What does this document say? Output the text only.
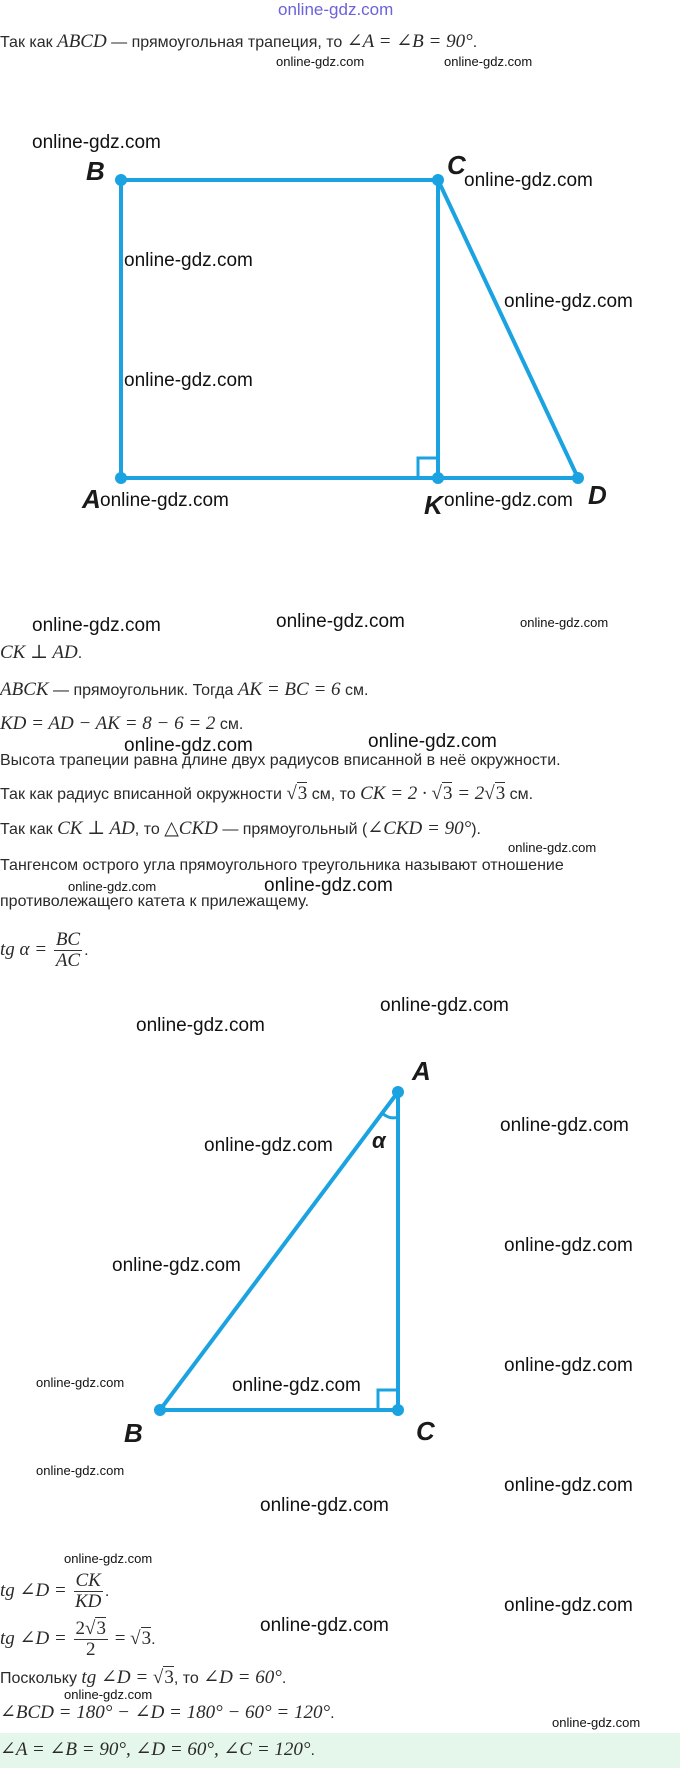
online-gdz.com
Так как ABCD — прямоугольная трапеция, то ∠A = ∠B = 90°.
B	C
A	K	D
CK ⊥ AD.
ABCK — прямоугольник. Тогда AK = BC = 6 см.
KD = AD − AK = 8 − 6 = 2 см.
Высота трапеции равна длине двух радиусов вписанной в неё окружности.
Так как радиус вписанной окружности √3 см, то CK = 2 · √3 = 2√3 см.
Так как CK ⊥ AD, то △CKD — прямоугольный (∠CKD = 90°).
Тангенсом острого угла прямоугольного треугольника называют отношение
противолежащего катета к прилежащему.
tg $\alpha = \frac{BC}{AC}$ .
A
α
B	C
tg ∠D = $\frac{CK}{KD}$ .
tg ∠D = $\frac{2√3}{2} = √3$.
Поскольку tg ∠D = √3, то ∠D = 60°.
∠BCD = 180° − ∠D = 180° − 60° = 120°.
∠A = ∠B = 90°, ∠D = 60°, ∠C = 120°.
online-gdz.com	online-gdz.com
online-gdz.com
online-gdz.com
online-gdz.com
online-gdz.com
online-gdz.com
online-gdz.com	online-gdz.com
online-gdz.com	online-gdz.com	online-gdz.com
online-gdz.com	online-gdz.com
online-gdz.com
online-gdz.com	online-gdz.com
online-gdz.com
online-gdz.com
online-gdz.com
online-gdz.com
online-gdz.com
online-gdz.com
online-gdz.com	online-gdz.com
online-gdz.com
online-gdz.com
online-gdz.com
online-gdz.com
online-gdz.com
online-gdz.com
online-gdz.com
online-gdz.com
online-gdz.com
